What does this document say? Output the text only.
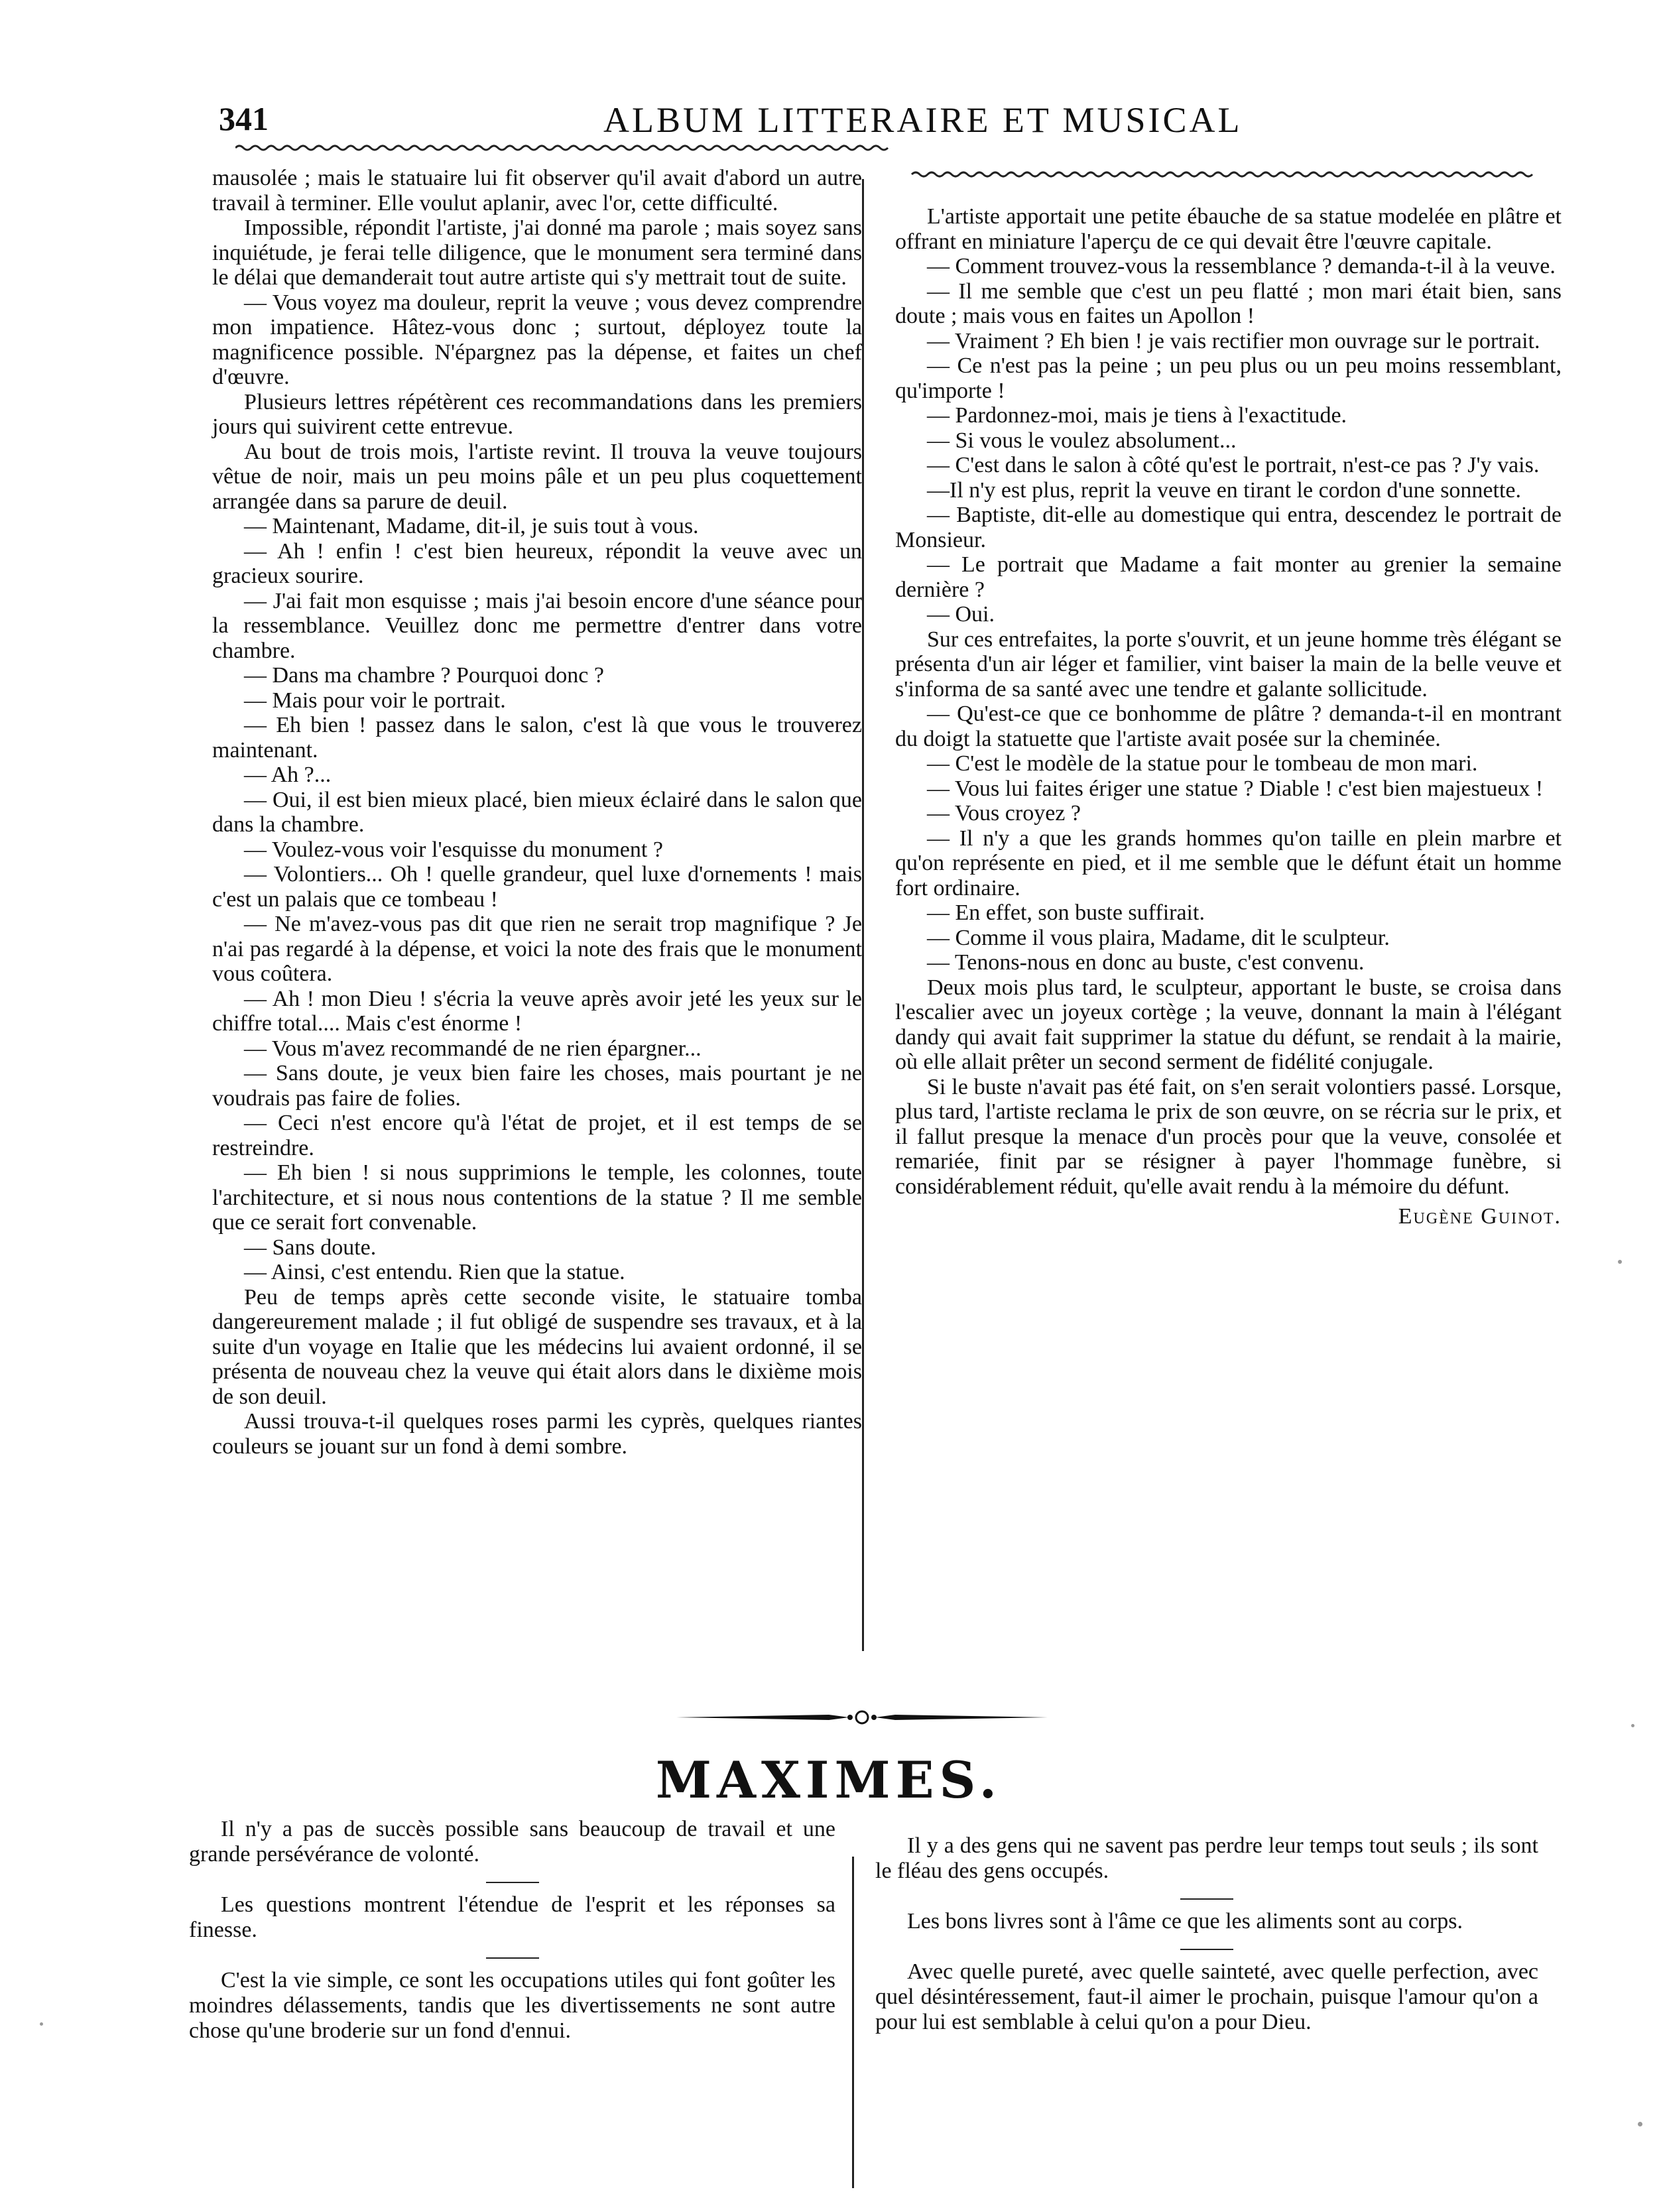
341	ALBUM LITTERAIRE ET MUSICAL

mausolée ; mais le statuaire lui fit observer qu'il avait d'abord un autre travail à terminer. Elle voulut aplanir, avec l'or, cette difficulté.

Impossible, répondit l'artiste, j'ai donné ma parole ; mais soyez sans inquiétude, je ferai telle diligence, que le monument sera terminé dans le délai que demanderait tout autre artiste qui s'y mettrait tout de suite.

— Vous voyez ma douleur, reprit la veuve ; vous devez comprendre mon impatience. Hâtez-vous donc ; surtout, déployez toute la magnificence possible. N'épargnez pas la dépense, et faites un chef d'œuvre.

Plusieurs lettres répétèrent ces recommandations dans les premiers jours qui suivirent cette entrevue.

Au bout de trois mois, l'artiste revint. Il trouva la veuve toujours vêtue de noir, mais un peu moins pâle et un peu plus coquettement arrangée dans sa parure de deuil.

— Maintenant, Madame, dit-il, je suis tout à vous.

— Ah ! enfin ! c'est bien heureux, répondit la veuve avec un gracieux sourire.

— J'ai fait mon esquisse ; mais j'ai besoin encore d'une séance pour la ressemblance. Veuillez donc me permettre d'entrer dans votre chambre.

— Dans ma chambre ? Pourquoi donc ?

— Mais pour voir le portrait.

— Eh bien ! passez dans le salon, c'est là que vous le trouverez maintenant.

— Ah ?...

— Oui, il est bien mieux placé, bien mieux éclairé dans le salon que dans la chambre.

— Voulez-vous voir l'esquisse du monument ?

— Volontiers... Oh ! quelle grandeur, quel luxe d'ornements ! mais c'est un palais que ce tombeau !

— Ne m'avez-vous pas dit que rien ne serait trop magnifique ? Je n'ai pas regardé à la dépense, et voici la note des frais que le monument vous coûtera.

— Ah ! mon Dieu ! s'écria la veuve après avoir jeté les yeux sur le chiffre total.... Mais c'est énorme !

— Vous m'avez recommandé de ne rien épargner...

— Sans doute, je veux bien faire les choses, mais pourtant je ne voudrais pas faire de folies.

— Ceci n'est encore qu'à l'état de projet, et il est temps de se restreindre.

— Eh bien ! si nous supprimions le temple, les colonnes, toute l'architecture, et si nous nous contentions de la statue ? Il me semble que ce serait fort convenable.

— Sans doute.

— Ainsi, c'est entendu. Rien que la statue.

Peu de temps après cette seconde visite, le statuaire tomba dangereurement malade ; il fut obligé de suspendre ses travaux, et à la suite d'un voyage en Italie que les médecins lui avaient ordonné, il se présenta de nouveau chez la veuve qui était alors dans le dixième mois de son deuil.

Aussi trouva-t-il quelques roses parmi les cyprès, quelques riantes couleurs se jouant sur un fond à demi sombre.

L'artiste apportait une petite ébauche de sa statue modelée en plâtre et offrant en miniature l'aperçu de ce qui devait être l'œuvre capitale.

— Comment trouvez-vous la ressemblance ? demanda-t-il à la veuve.

— Il me semble que c'est un peu flatté ; mon mari était bien, sans doute ; mais vous en faites un Apollon !

— Vraiment ? Eh bien ! je vais rectifier mon ouvrage sur le portrait.

— Ce n'est pas la peine ; un peu plus ou un peu moins ressemblant, qu'importe !

— Pardonnez-moi, mais je tiens à l'exactitude.

— Si vous le voulez absolument...

— C'est dans le salon à côté qu'est le portrait, n'est-ce pas ? J'y vais.

—Il n'y est plus, reprit la veuve en tirant le cordon d'une sonnette.

— Baptiste, dit-elle au domestique qui entra, descendez le portrait de Monsieur.

— Le portrait que Madame a fait monter au grenier la semaine dernière ?

— Oui.

Sur ces entrefaites, la porte s'ouvrit, et un jeune homme très élégant se présenta d'un air léger et familier, vint baiser la main de la belle veuve et s'informa de sa santé avec une tendre et galante sollicitude.

— Qu'est-ce que ce bonhomme de plâtre ? demanda-t-il en montrant du doigt la statuette que l'artiste avait posée sur la cheminée.

— C'est le modèle de la statue pour le tombeau de mon mari.

— Vous lui faites ériger une statue ? Diable ! c'est bien majestueux !

— Vous croyez ?

— Il n'y a que les grands hommes qu'on taille en plein marbre et qu'on représente en pied, et il me semble que le défunt était un homme fort ordinaire.

— En effet, son buste suffirait.

— Comme il vous plaira, Madame, dit le sculpteur.

— Tenons-nous en donc au buste, c'est convenu.

Deux mois plus tard, le sculpteur, apportant le buste, se croisa dans l'escalier avec un joyeux cortège ; la veuve, donnant la main à l'élégant dandy qui avait fait supprimer la statue du défunt, se rendait à la mairie, où elle allait prêter un second serment de fidélité conjugale.

Si le buste n'avait pas été fait, on s'en serait volontiers passé. Lorsque, plus tard, l'artiste reclama le prix de son œuvre, on se récria sur le prix, et il fallut presque la menace d'un procès pour que la veuve, consolée et remariée, finit par se résigner à payer l'hommage funèbre, si considérablement réduit, qu'elle avait rendu à la mémoire du défunt.

Eugène Guinot.

MAXIMES.

Il n'y a pas de succès possible sans beaucoup de travail et une grande persévérance de volonté.

Les questions montrent l'étendue de l'esprit et les réponses sa finesse.

C'est la vie simple, ce sont les occupations utiles qui font goûter les moindres délassements, tandis que les divertissements ne sont autre chose qu'une broderie sur un fond d'ennui.

Il y a des gens qui ne savent pas perdre leur temps tout seuls ; ils sont le fléau des gens occupés.

Les bons livres sont à l'âme ce que les aliments sont au corps.

Avec quelle pureté, avec quelle sainteté, avec quelle perfection, avec quel désintéressement, faut-il aimer le prochain, puisque l'amour qu'on a pour lui est semblable à celui qu'on a pour Dieu.
